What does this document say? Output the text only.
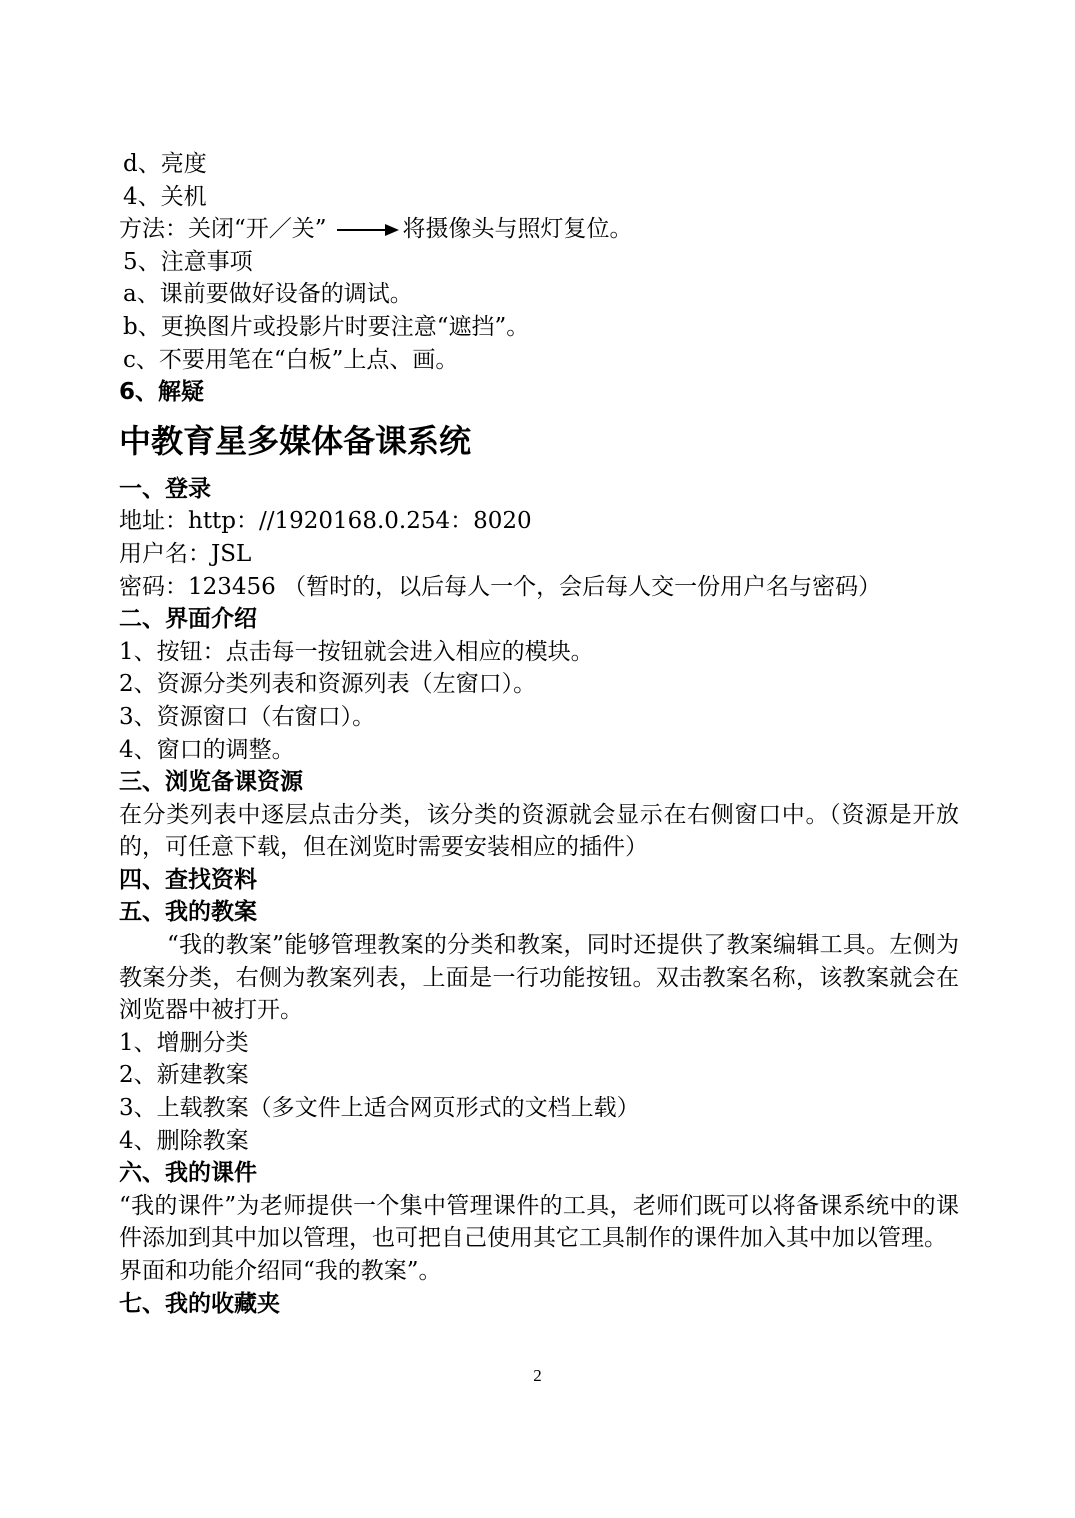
d、亮度
4、关机
方法：关闭“开／关”	将摄像头与照灯复位。
5、注意事项
a、课前要做好设备的调试。
b、更换图片或投影片时要注意“遮挡”。
c、不要用笔在“白板”上点、画。
6、解疑
中教育星多媒体备课系统
一、登录
地址：http：//1920168.0.254：8020
用户名：JSL
密码：123456 （暂时的，以后每人一个，会后每人交一份用户名与密码）
二、界面介绍
1、按钮：点击每一按钮就会进入相应的模块。
2、资源分类列表和资源列表（左窗口）。
3、资源窗口（右窗口）。
4、窗口的调整。
三、浏览备课资源
在分类列表中逐层点击分类，该分类的资源就会显示在右侧窗口中。（资源是开放的，可任意下载，但在浏览时需要安装相应的插件）
四、查找资料
五、我的教案
“我的教案”能够管理教案的分类和教案，同时还提供了教案编辑工具。左侧为教案分类，右侧为教案列表，上面是一行功能按钮。双击教案名称，该教案就会在浏览器中被打开。
1、增删分类
2、新建教案
3、上载教案（多文件上适合网页形式的文档上载）
4、删除教案
六、我的课件
“我的课件”为老师提供一个集中管理课件的工具，老师们既可以将备课系统中的课件添加到其中加以管理，也可把自己使用其它工具制作的课件加入其中加以管理。
界面和功能介绍同“我的教案”。
七、我的收藏夹
2
